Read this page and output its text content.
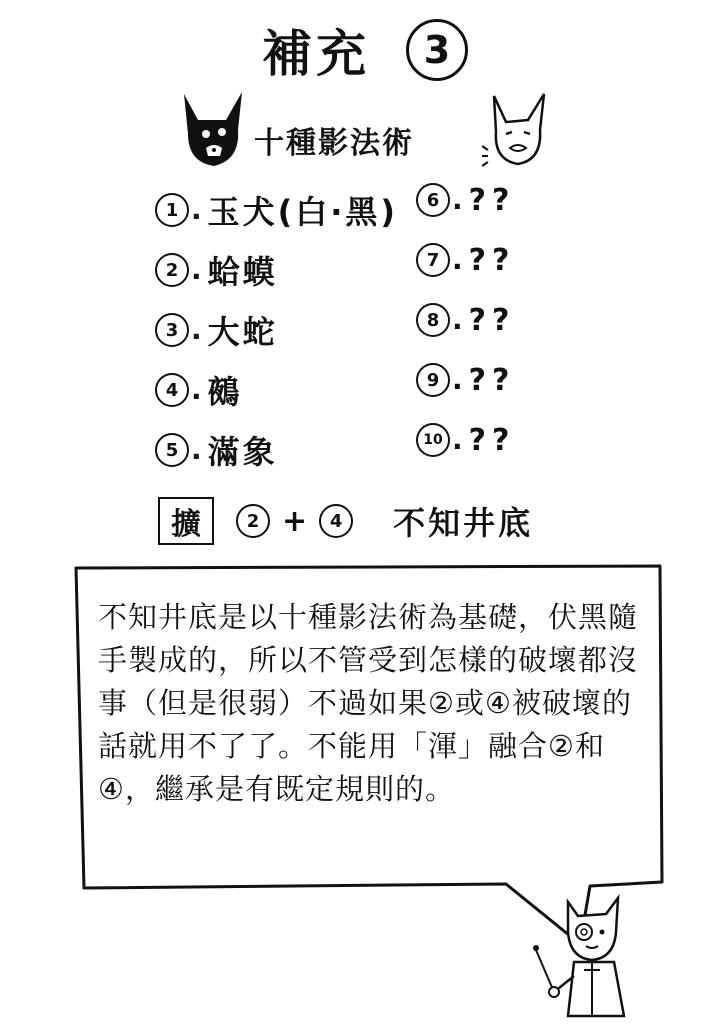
補充	3
十種影法術
1 . 玉犬(白·黑)
2 . 蛤蟆
3 . 大蛇
4 . 鵺
5 . 滿象
6 . ??
7 . ??
8 . ??
9 . ??
10 . ??
擴	2 +	4	不知井底
不知井底是以十種影法術為基礎，伏黑隨手製成的，所以不管受到怎樣的破壞都沒事（但是很弱）不過如果②或④被破壞的話就用不了了。不能用「渾」融合②和④，繼承是有既定規則的。
